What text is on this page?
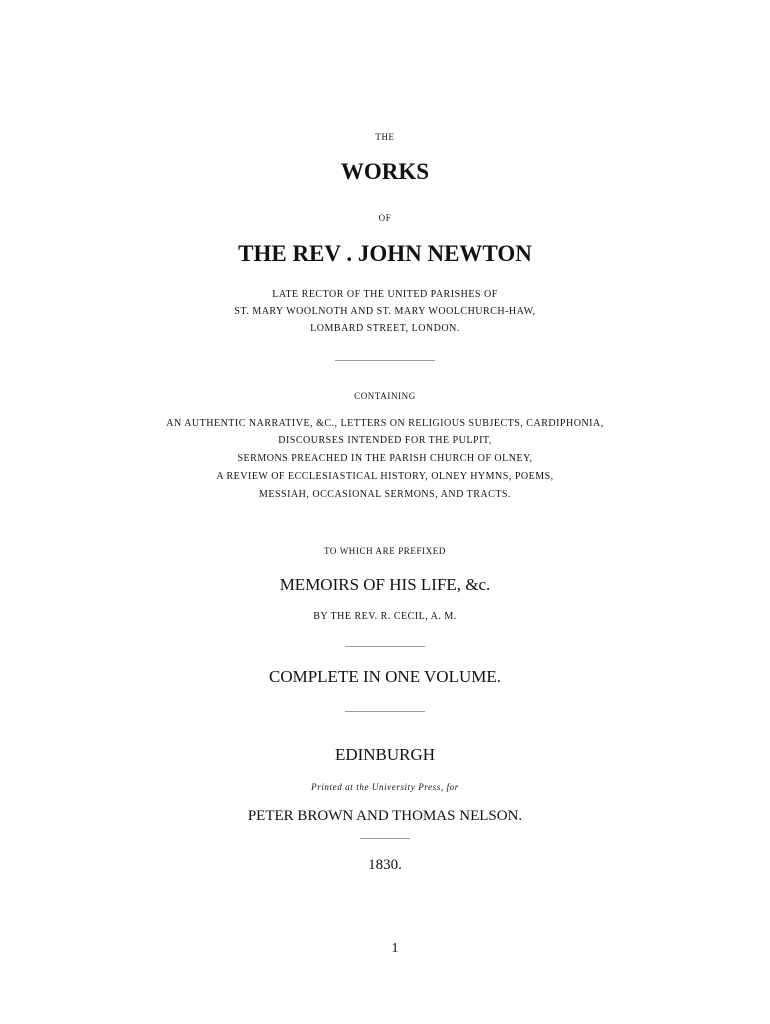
THE
WORKS
OF
THE REV . JOHN NEWTON
LATE RECTOR OF THE UNITED PARISHES OF
ST. MARY WOOLNOTH AND ST. MARY WOOLCHURCH-HAW,
LOMBARD STREET, LONDON.
____________________
CONTAINING
AN AUTHENTIC NARRATIVE, &C., LETTERS ON RELIGIOUS SUBJECTS, CARDIPHONIA,
DISCOURSES INTENDED FOR THE PULPIT,
SERMONS PREACHED IN THE PARISH CHURCH OF OLNEY,
A REVIEW OF ECCLESIASTICAL HISTORY, OLNEY HYMNS, POEMS,
MESSIAH, OCCASIONAL SERMONS, AND TRACTS.
TO WHICH ARE PREFIXED
MEMOIRS OF HIS LIFE, &c.
BY THE REV. R. CECIL, A. M.
________________
COMPLETE IN ONE VOLUME.
________________
EDINBURGH
Printed at the University Press, for
PETER BROWN AND THOMAS NELSON.
__________
1830.
1
